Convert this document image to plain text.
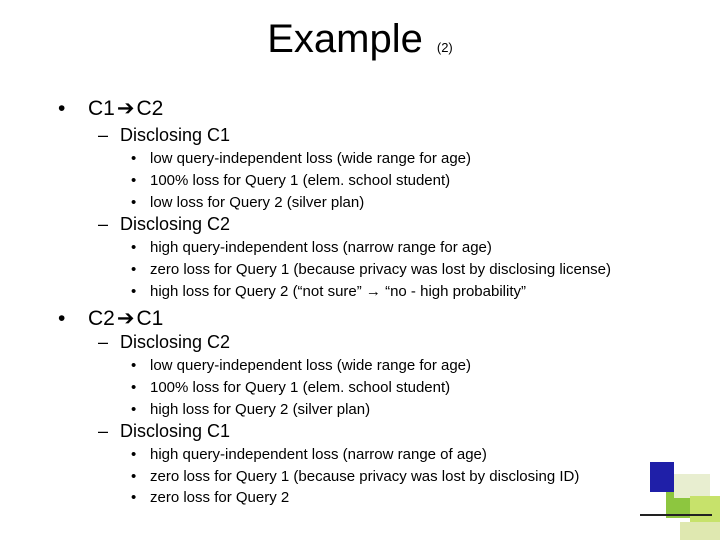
Example (2)
• C1➔C2
– Disclosing C1
• low query-independent loss (wide range for age)
• 100% loss for Query 1 (elem. school student)
• low loss for Query 2 (silver plan)
– Disclosing C2
• high query-independent loss (narrow range for age)
• zero loss for Query 1 (because privacy was lost by disclosing license)
• high loss for Query 2 (“not sure” → “no - high probability”
• C2➔C1
– Disclosing C2
• low query-independent loss (wide range for age)
• 100% loss for Query 1 (elem. school student)
• high loss for Query 2 (silver plan)
– Disclosing C1
• high query-independent loss (narrow range of age)
• zero loss for Query 1 (because privacy was lost by disclosing ID)
• zero loss for Query 2
